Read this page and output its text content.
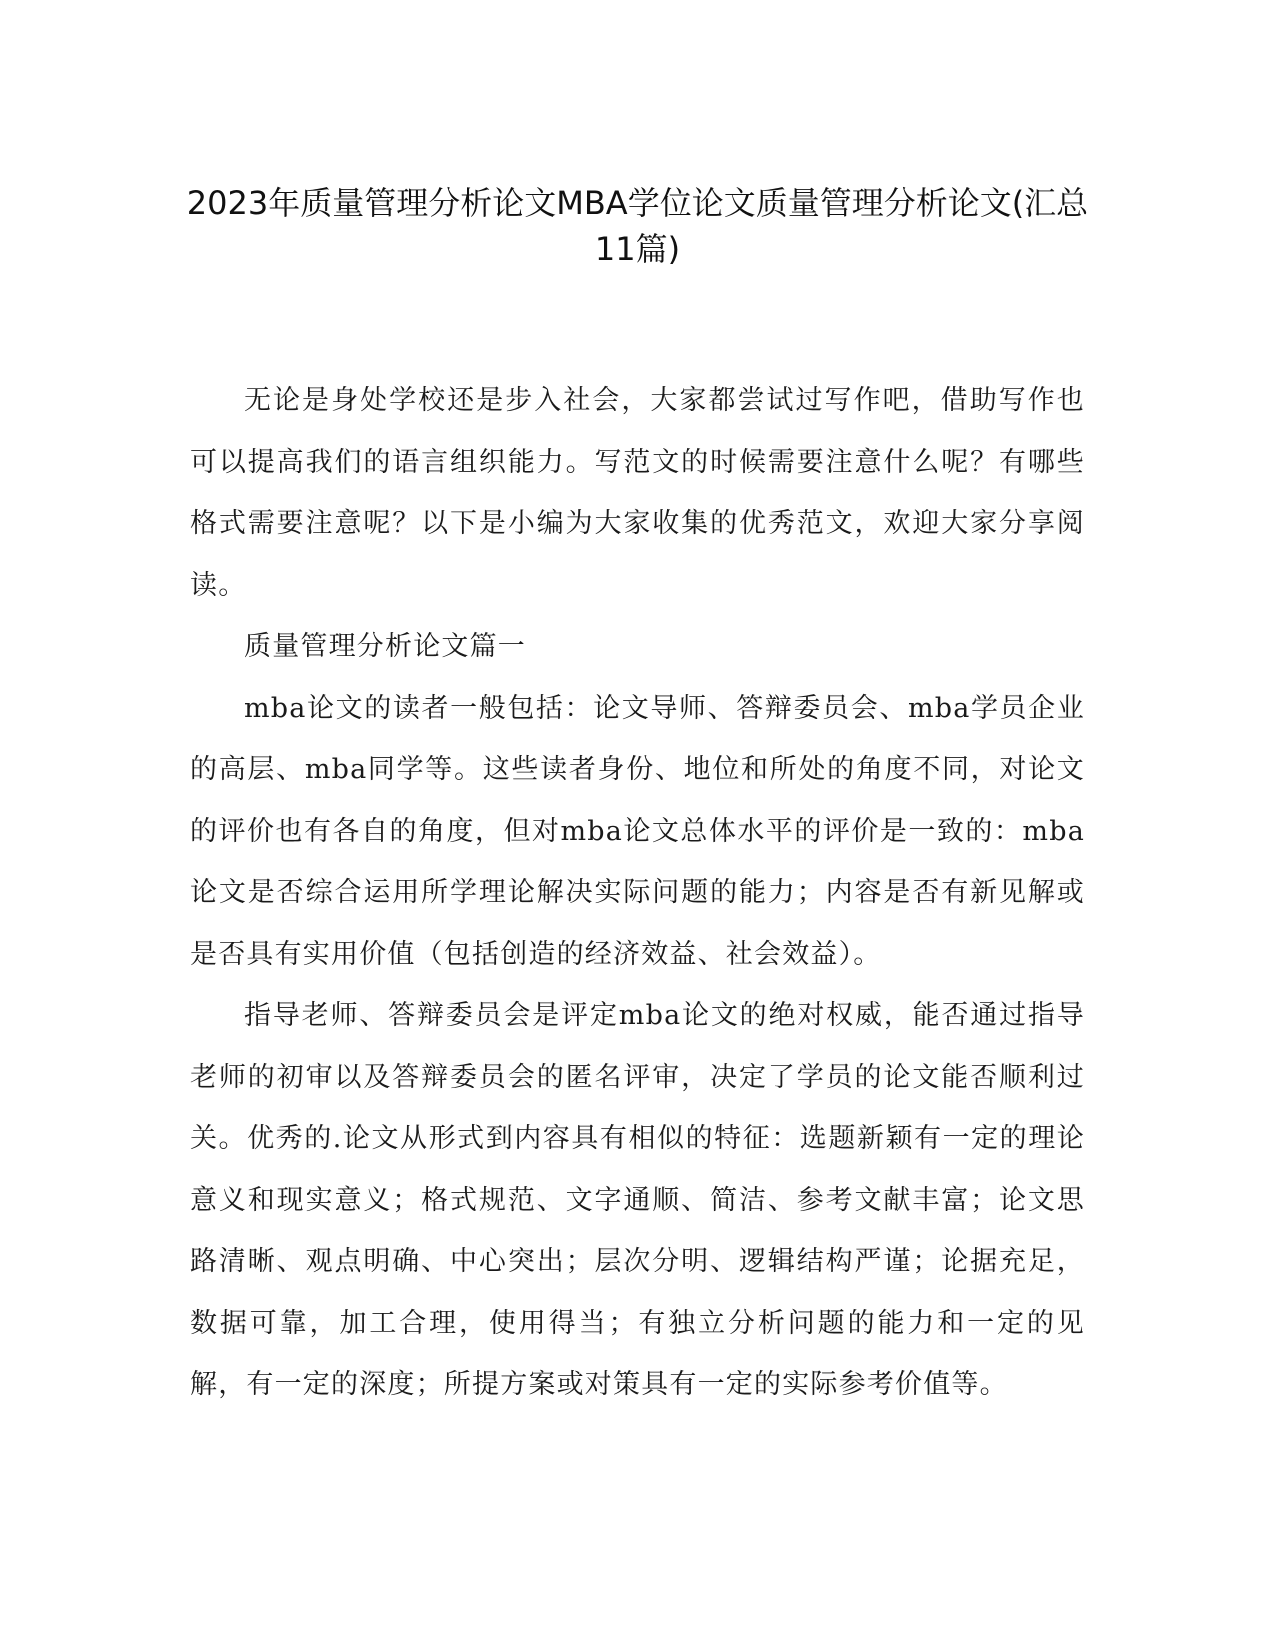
2023年质量管理分析论文MBA学位论文质量管理分析论文(汇总11篇)

无论是身处学校还是步入社会，大家都尝试过写作吧，借助写作也可以提高我们的语言组织能力。写范文的时候需要注意什么呢？有哪些格式需要注意呢？以下是小编为大家收集的优秀范文，欢迎大家分享阅读。

质量管理分析论文篇一

mba论文的读者一般包括：论文导师、答辩委员会、mba学员企业的高层、mba同学等。这些读者身份、地位和所处的角度不同，对论文的评价也有各自的角度，但对mba论文总体水平的评价是一致的：mba论文是否综合运用所学理论解决实际问题的能力；内容是否有新见解或是否具有实用价值（包括创造的经济效益、社会效益）。

指导老师、答辩委员会是评定mba论文的绝对权威，能否通过指导老师的初审以及答辩委员会的匿名评审，决定了学员的论文能否顺利过关。优秀的.论文从形式到内容具有相似的特征：选题新颖有一定的理论意义和现实意义；格式规范、文字通顺、简洁、参考文献丰富；论文思路清晰、观点明确、中心突出；层次分明、逻辑结构严谨；论据充足，数据可靠，加工合理，使用得当；有独立分析问题的能力和一定的见解，有一定的深度；所提方案或对策具有一定的实际参考价值等。
